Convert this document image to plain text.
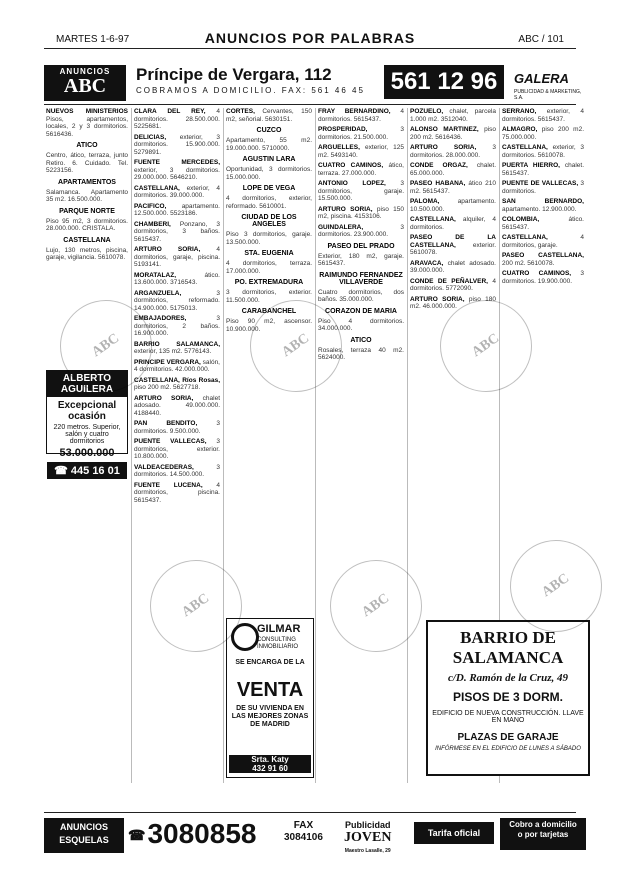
MARTES 1-6-97	ANUNCIOS POR PALABRAS	ABC / 101
ANUNCIOS
ABC
Príncipe de Vergara, 112
COBRAMOS A DOMICILIO. FAX: 561 46 45 561 12 96	GALERA
PUBLICIDAD & MARKETING, S.A.
NUEVOS MINISTERIOS Pisos, apartamentos, locales, 2 y 3 dormitorios. 5616436.
ATICO
Centro, ático, terraza, junto Retiro. 6. Cuidado. Tel. 5223156.
APARTAMENTOS
Salamanca. Apartamento 35 m2. 16.500.000.
PARQUE NORTE
Piso 95 m2, 3 dormitorios. 28.000.000. CRISTALA.
CASTELLANA
Lujo, 130 metros, piscina, garaje, vigilancia. 5610078.
CLARA DEL REY, 4 dormitorios. 28.500.000. 5225681.
DELICIAS, exterior, 3 dormitorios. 15.900.000. 5279891.
FUENTE MERCEDES, exterior, 3 dormitorios. 29.000.000. 5646210.
CASTELLANA, exterior, 4 dormitorios. 39.000.000.
PACIFICO, apartamento. 12.500.000. 5523186.
CHAMBERI, Ponzano, 3 dormitorios, 3 baños. 5615437.
ARTURO SORIA, 4 dormitorios, garaje, piscina. 5193141.
MORATALAZ,	ático. 13.600.000. 3716543.
ARGANZUELA,	3 dormitorios, reformado. 14.900.000. 5175013.
EMBAJADORES,	3 dormitorios, 2 baños. 16.900.000.
BARRIO SALAMANCA, exterior, 135 m2. 5776143.
PRINCIPE VERGARA, salón, 4 dormitorios. 42.000.000.
CASTELLANA, Ríos Rosas, piso 200 m2. 5627718.
ARTURO SORIA, chalet adosado. 49.000.000. 4188440.
PAN BENDITO,	3 dormitorios. 9.500.000.
PUENTE VALLECAS, 3 dormitorios, exterior. 10.800.000.
VALDEACEDERAS,	3 dormitorios. 14.500.000.
FUENTE LUCENA, 4 dormitorios, piscina. 5615437.
CORTES, Cervantes, 150 m2, señorial. 5630151.
CUZCO
Apartamento, 55 m2. 19.000.000. 5710000.
AGUSTIN LARA
Oportunidad, 3 dormitorios. 15.000.000.
LOPE DE VEGA
4 dormitorios, exterior, reformado. 5610001.
CIUDAD DE LOS ANGELES
Piso 3 dormitorios, garaje. 13.500.000.
STA. EUGENIA
4 dormitorios, terraza. 17.000.000.
PO. EXTREMADURA
3 dormitorios, exterior. 11.500.000.
CARABANCHEL
Piso 90 m2, ascensor. 10.900.000.
FRAY BERNARDINO, 4 dormitorios. 5615437.
PROSPERIDAD,	3 dormitorios. 21.500.000.
ARGUELLES, exterior, 125 m2. 5493140.
CUATRO CAMINOS, ático, terraza. 27.000.000.
ANTONIO LOPEZ, 3 dormitorios, garaje. 15.500.000.
ARTURO SORIA, piso 150 m2, piscina. 4153106.
GUINDALERA,	3 dormitorios. 23.900.000.
PASEO DEL PRADO
Exterior, 180 m2, garaje. 5615437.
RAIMUNDO FERNANDEZ VILLAVERDE
Cuatro dormitorios, dos baños. 35.000.000.
CORAZON DE MARIA
Piso 4 dormitorios. 34.000.000.
ATICO
Rosales, terraza 40 m2. 5624000.
POZUELO, chalet, parcela 1.000 m2. 3512040.
ALONSO MARTINEZ, piso 200 m2. 5616436.
ARTURO SORIA, 3 dormitorios. 28.000.000.
CONDE ORGAZ, chalet. 65.000.000.
PASEO HABANA, ático 210 m2. 5615437.
PALOMA,	apartamento. 10.500.000.
CASTELLANA, alquiler, 4 dormitorios.
PASEO DE LA CASTELLANA,	exterior. 5610078.
ARAVACA, chalet adosado. 39.000.000.
CONDE DE PEÑALVER, 4 dormitorios. 5772090.
ARTURO SORIA, piso 180 m2. 46.000.000.
SERRANO, exterior, 4 dormitorios. 5615437.
ALMAGRO, piso 200 m2. 75.000.000.
CASTELLANA, exterior, 3 dormitorios. 5610078.
PUERTA HIERRO, chalet. 5615437.
PUENTE DE VALLECAS, 3 dormitorios.
SAN BERNARDO, apartamento. 12.900.000.
COLOMBIA,	ático. 5615437.
CASTELLANA,	4 dormitorios, garaje.
PASEO CASTELLANA, 200 m2. 5610078.
CUATRO CAMINOS, 3 dormitorios. 19.900.000.
ALBERTO AGUILERA
Excepcional ocasión
220 metros. Superior, salón y cuatro dormitorios
53.000.000
☎ 445 16 01
GILMAR
CONSULTING
INMOBILIARIO
SE ENCARGA DE LA
VENTA
DE SU VIVIENDA EN LAS MEJORES ZONAS DE MADRID
Srta. Katy
432 91 60
BARRIO DE
SALAMANCA
c/D. Ramón de la Cruz, 49
PISOS DE 3 DORM.
EDIFICIO DE NUEVA CONSTRUCCIÓN. LLAVE EN MANO
PLAZAS DE GARAJE
INFÓRMESE EN EL EDIFICIO DE LUNES A SÁBADO
ANUNCIOS
ESQUELAS	☎3080858	FAX
3084106
Publicidad
JOVEN
Maestro Lasalle, 29
Tarifa oficial
Cobro a domicilio
o por tarjetas
ABC	ABC	ABC
ABC	ABC
ABC
